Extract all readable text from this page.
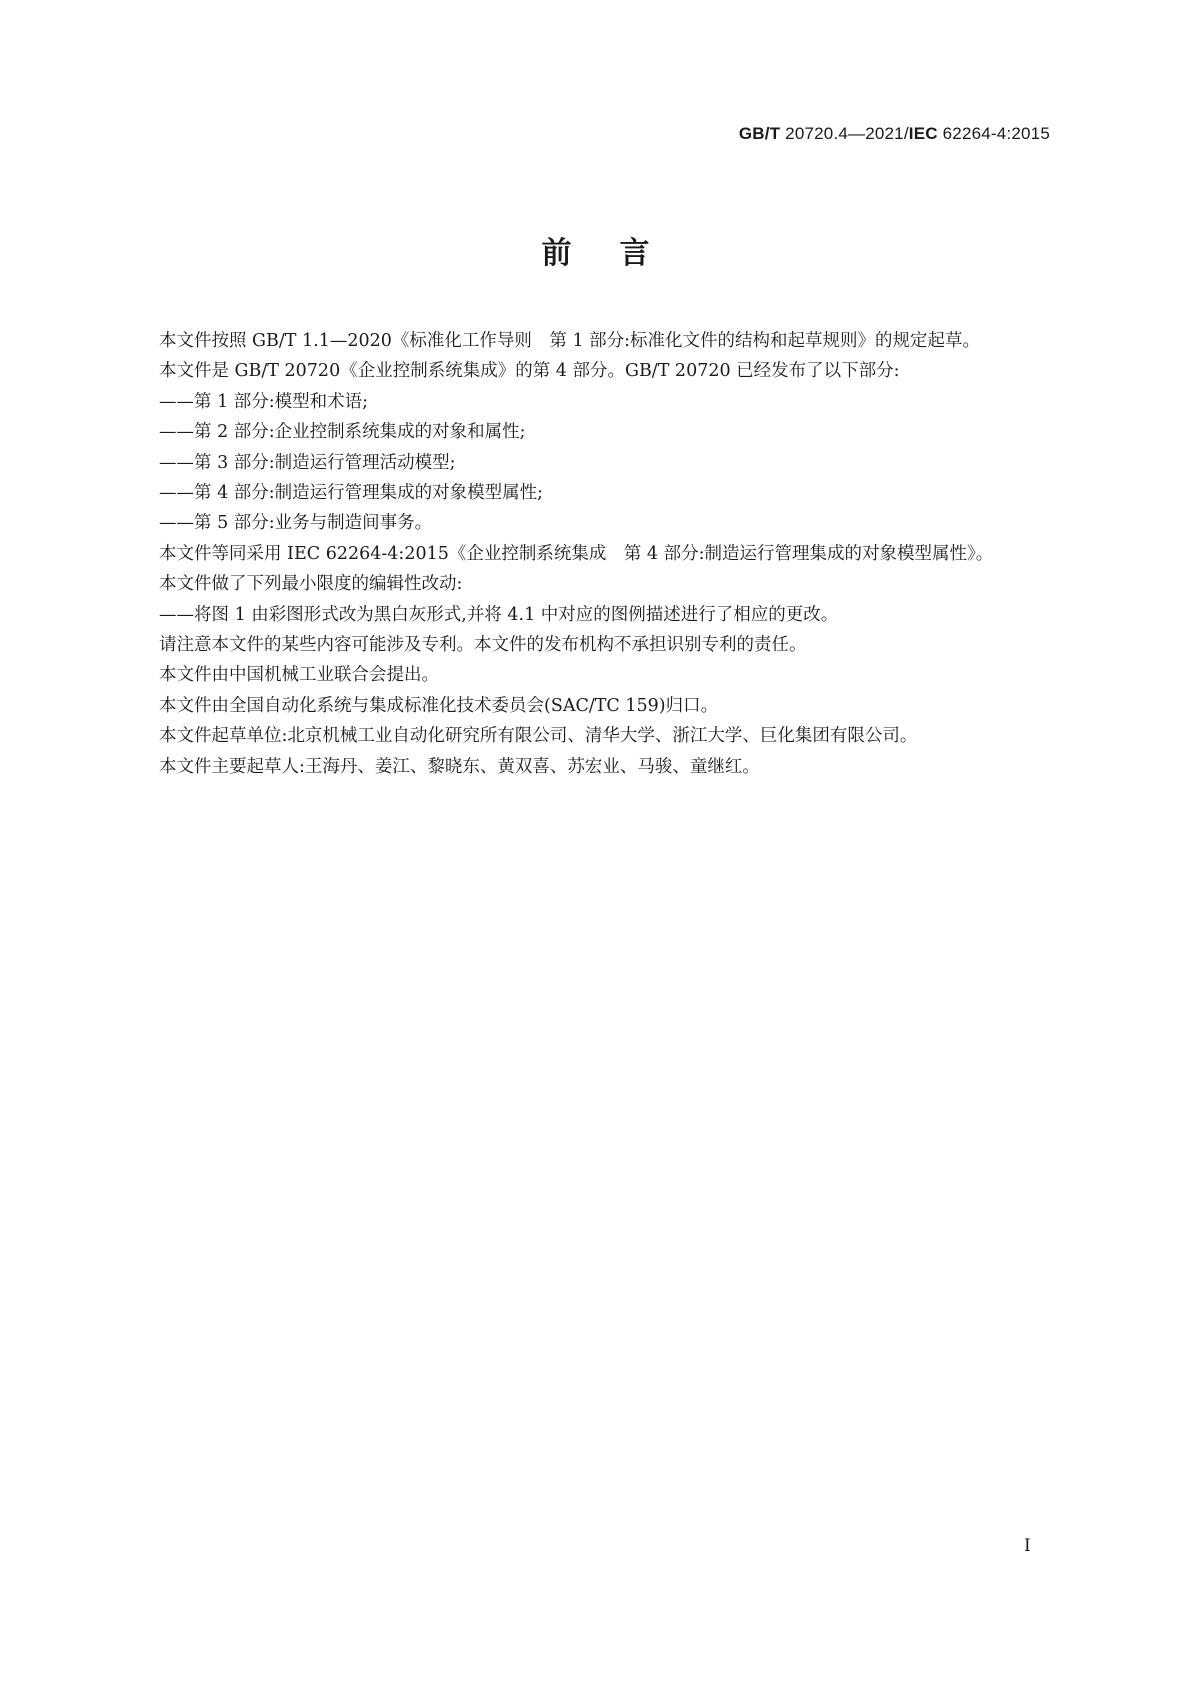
GB/T 20720.4—2021/IEC 62264-4:2015
前言

本文件按照 GB/T 1.1—2020《标准化工作导则　第 1 部分:标准化文件的结构和起草规则》的规定起草。

本文件是 GB/T 20720《企业控制系统集成》的第 4 部分。GB/T 20720 已经发布了以下部分:

——第 1 部分:模型和术语;

——第 2 部分:企业控制系统集成的对象和属性;

——第 3 部分:制造运行管理活动模型;

——第 4 部分:制造运行管理集成的对象模型属性;

——第 5 部分:业务与制造间事务。

本文件等同采用 IEC 62264-4:2015《企业控制系统集成　第 4 部分:制造运行管理集成的对象模型属性》。

本文件做了下列最小限度的编辑性改动:

——将图 1 由彩图形式改为黑白灰形式,并将 4.1 中对应的图例描述进行了相应的更改。

请注意本文件的某些内容可能涉及专利。本文件的发布机构不承担识别专利的责任。

本文件由中国机械工业联合会提出。

本文件由全国自动化系统与集成标准化技术委员会(SAC/TC 159)归口。

本文件起草单位:北京机械工业自动化研究所有限公司、清华大学、浙江大学、巨化集团有限公司。

本文件主要起草人:王海丹、姜江、黎晓东、黄双喜、苏宏业、马骏、童继红。

I
